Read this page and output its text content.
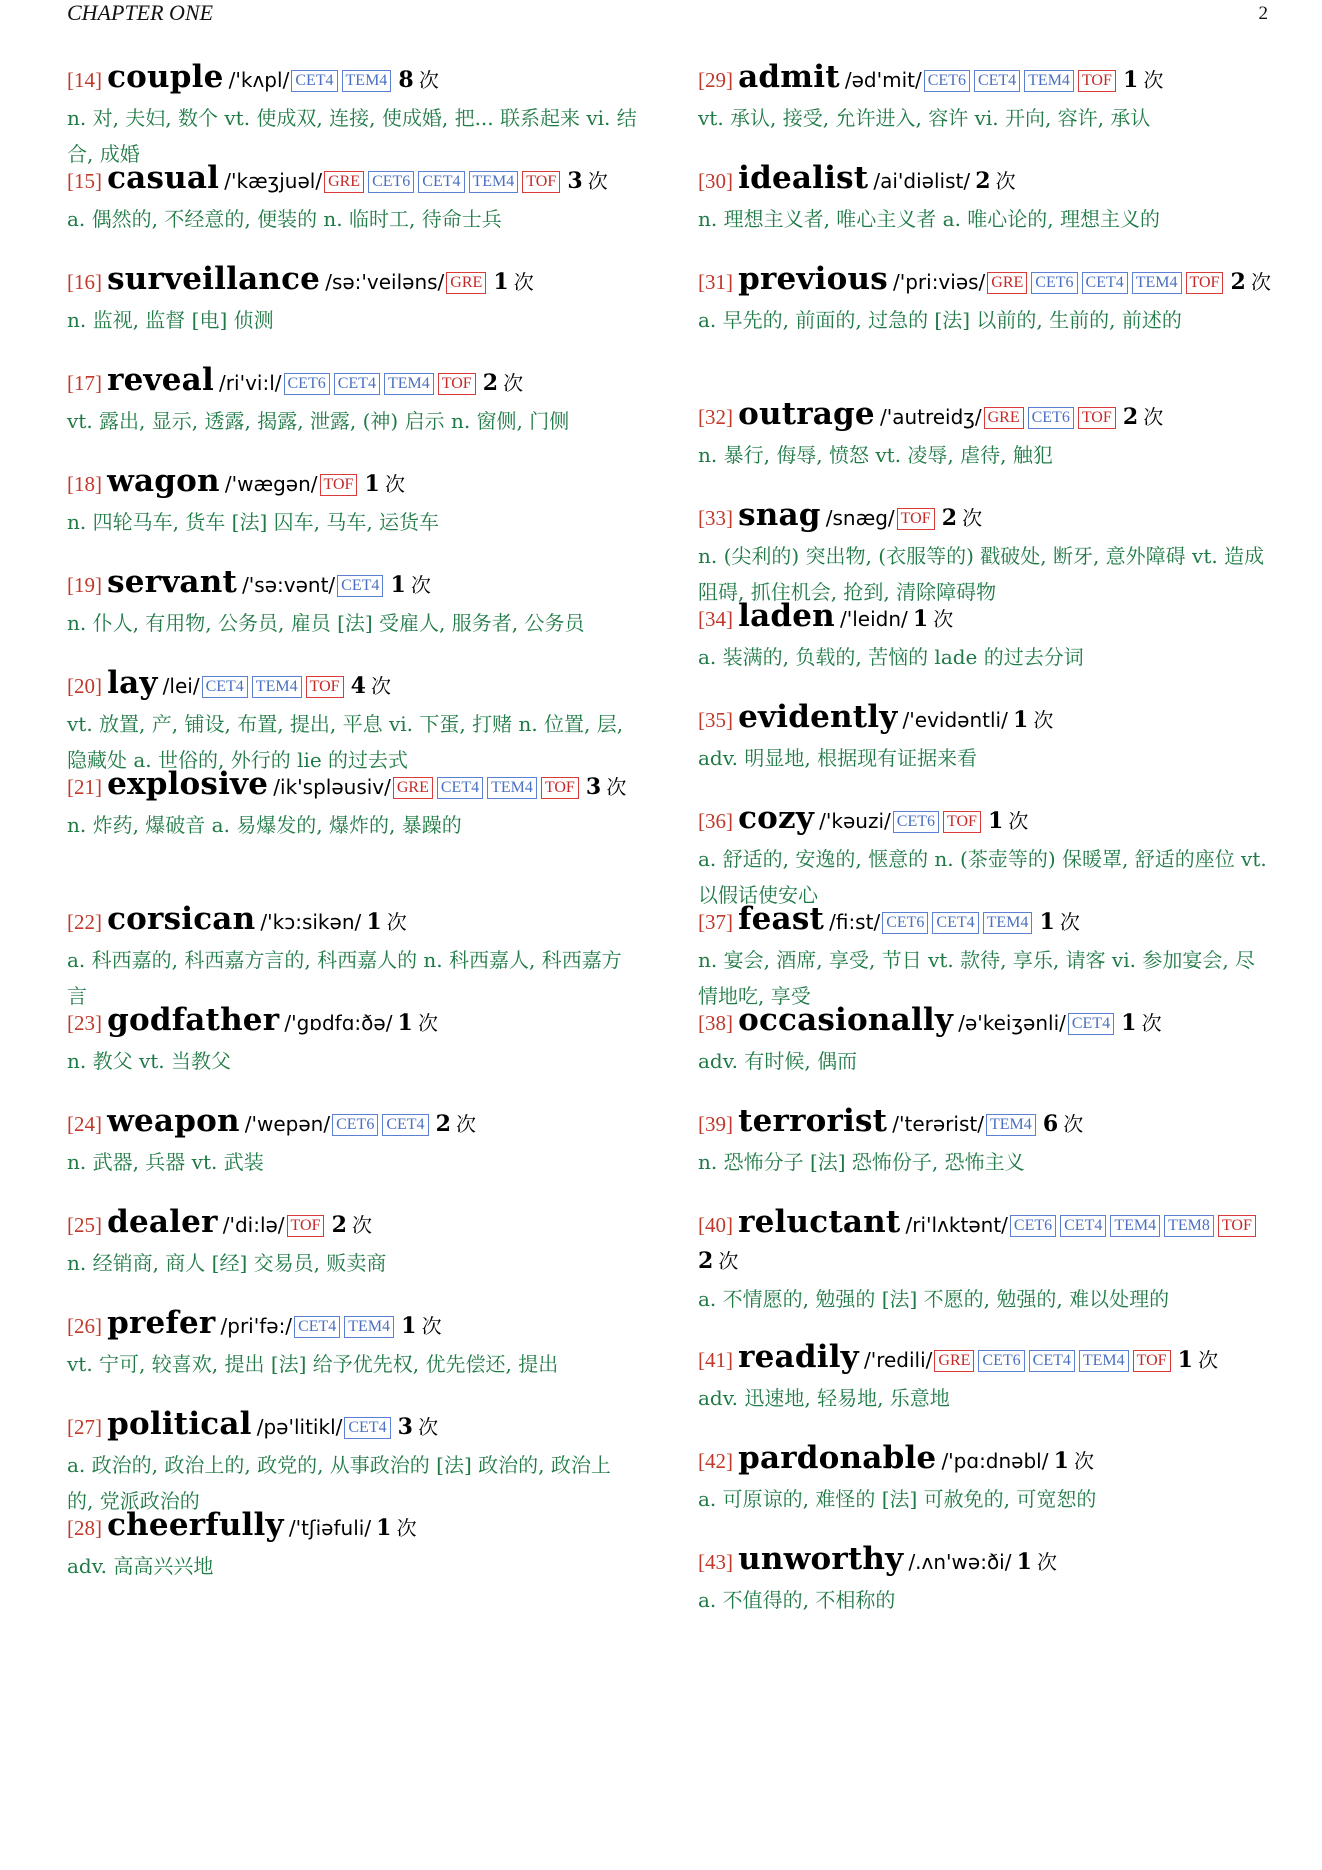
CHAPTER ONE	2
[14] couple /'kʌpl/ CET4 TEM4 8 次
n. 对, 夫妇, 数个 vt. 使成双, 连接, 使成婚, 把... 联系起来 vi. 结合, 成婚
[15] casual /'kæʒjuəl/ GRE CET6 CET4 TEM4 TOF 3 次
a. 偶然的, 不经意的, 便装的 n. 临时工, 待命士兵
[16] surveillance /sə:'veiləns/ GRE 1 次
n. 监视, 监督 [电] 侦测
[17] reveal /ri'vi:l/ CET6 CET4 TEM4 TOF 2 次
vt. 露出, 显示, 透露, 揭露, 泄露, (神) 启示 n. 窗侧, 门侧
[18] wagon /'wægən/ TOF 1 次
n. 四轮马车, 货车 [法] 囚车, 马车, 运货车
[19] servant /'sə:vənt/ CET4 1 次
n. 仆人, 有用物, 公务员, 雇员 [法] 受雇人, 服务者, 公务员
[20] lay /lei/ CET4 TEM4 TOF 4 次
vt. 放置, 产, 铺设, 布置, 提出, 平息 vi. 下蛋, 打赌 n. 位置, 层, 隐藏处 a. 世俗的, 外行的 lie 的过去式
[21] explosive /ik'spləusiv/ GRE CET4 TEM4 TOF 3 次
n. 炸药, 爆破音 a. 易爆发的, 爆炸的, 暴躁的
[22] corsican /'kɔ:sikən/ 1 次
a. 科西嘉的, 科西嘉方言的, 科西嘉人的 n. 科西嘉人, 科西嘉方言
[23] godfather /'gɒdfɑ:ðə/ 1 次
n. 教父 vt. 当教父
[24] weapon /'wepən/ CET6 CET4 2 次
n. 武器, 兵器 vt. 武装
[25] dealer /'di:lə/ TOF 2 次
n. 经销商, 商人 [经] 交易员, 贩卖商
[26] prefer /pri'fə:/ CET4 TEM4 1 次
vt. 宁可, 较喜欢, 提出 [法] 给予优先权, 优先偿还, 提出
[27] political /pə'litikl/ CET4 3 次
a. 政治的, 政治上的, 政党的, 从事政治的 [法] 政治的, 政治上的, 党派政治的
[28] cheerfully /'tʃiəfuli/ 1 次
adv. 高高兴兴地
[29] admit /əd'mit/ CET6 CET4 TEM4 TOF 1 次
vt. 承认, 接受, 允许进入, 容许 vi. 开向, 容许, 承认
[30] idealist /ai'diəlist/ 2 次
n. 理想主义者, 唯心主义者 a. 唯心论的, 理想主义的
[31] previous /'pri:viəs/ GRE CET6 CET4 TEM4 TOF 2 次
a. 早先的, 前面的, 过急的 [法] 以前的, 生前的, 前述的
[32] outrage /'autreidʒ/ GRE CET6 TOF 2 次
n. 暴行, 侮辱, 愤怒 vt. 凌辱, 虐待, 触犯
[33] snag /snæg/ TOF 2 次
n. (尖利的) 突出物, (衣服等的) 戳破处, 断牙, 意外障碍 vt. 造成阻碍, 抓住机会, 抢到, 清除障碍物
[34] laden /'leidn/ 1 次
a. 装满的, 负载的, 苦恼的 lade 的过去分词
[35] evidently /'evidəntli/ 1 次
adv. 明显地, 根据现有证据来看
[36] cozy /'kəuzi/ CET6 TOF 1 次
a. 舒适的, 安逸的, 惬意的 n. (茶壶等的) 保暖罩, 舒适的座位 vt. 以假话使安心
[37] feast /fi:st/ CET6 CET4 TEM4 1 次
n. 宴会, 酒席, 享受, 节日 vt. 款待, 享乐, 请客 vi. 参加宴会, 尽情地吃, 享受
[38] occasionally /ə'keiʒənli/ CET4 1 次
adv. 有时候, 偶而
[39] terrorist /'terərist/ TEM4 6 次
n. 恐怖分子 [法] 恐怖份子, 恐怖主义
[40] reluctant /ri'lʌktənt/ CET6 CET4 TEM4 TEM8 TOF 2 次
a. 不情愿的, 勉强的 [法] 不愿的, 勉强的, 难以处理的
[41] readily /'redili/ GRE CET6 CET4 TEM4 TOF 1 次
adv. 迅速地, 轻易地, 乐意地
[42] pardonable /'pɑ:dnəbl/ 1 次
a. 可原谅的, 难怪的 [法] 可赦免的, 可宽恕的
[43] unworthy /.ʌn'wə:ði/ 1 次
a. 不值得的, 不相称的
